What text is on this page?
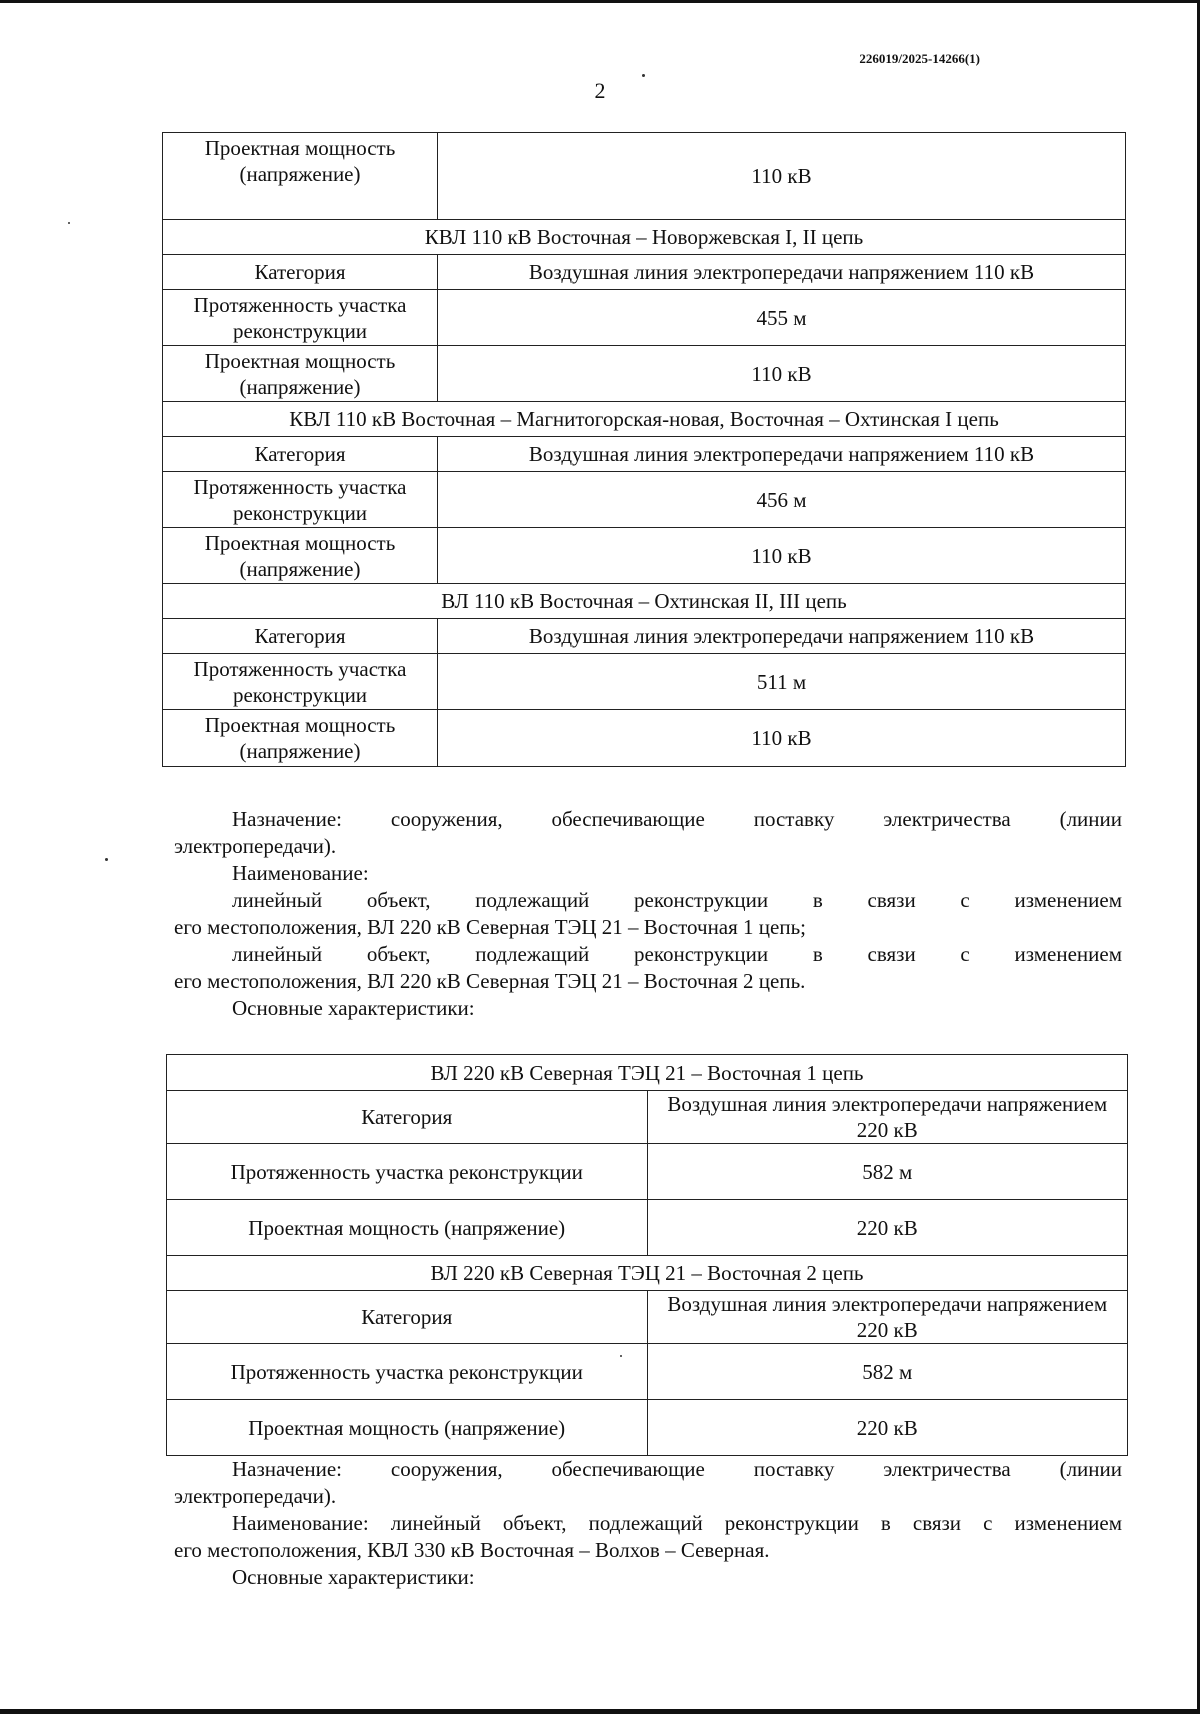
226019/2025-14266(1)
2
Проектная мощность (напряжение)	110 кВ
КВЛ 110 кВ Восточная – Новоржевская I, II цепь	
Категория	Воздушная линия электропередачи напряжением 110 кВ
Протяженность участка реконструкции	455 м
Проектная мощность (напряжение)	110 кВ
КВЛ 110 кВ Восточная – Магнитогорская-новая, Восточная – Охтинская I цепь	
Категория	Воздушная линия электропередачи напряжением 110 кВ
Протяженность участка реконструкции	456 м
Проектная мощность (напряжение)	110 кВ
ВЛ 110 кВ Восточная – Охтинская II, III цепь	
Категория	Воздушная линия электропередачи напряжением 110 кВ
Протяженность участка реконструкции	511 м
Проектная мощность (напряжение)	110 кВ

Назначение: сооружения, обеспечивающие поставку электричества (линии

электропередачи).

Наименование:

линейный объект, подлежащий реконструкции в связи с изменением

его местоположения, ВЛ 220 кВ Северная ТЭЦ 21 – Восточная 1 цепь;

линейный объект, подлежащий реконструкции в связи с изменением

его местоположения, ВЛ 220 кВ Северная ТЭЦ 21 – Восточная 2 цепь.

Основные характеристики:

ВЛ 220 кВ Северная ТЭЦ 21 – Восточная 1 цепь	
Категория	Воздушная линия электропередачи напряжением 220 кВ
Протяженность участка реконструкции	582 м
Проектная мощность (напряжение)	220 кВ
ВЛ 220 кВ Северная ТЭЦ 21 – Восточная 2 цепь	
Категория	Воздушная линия электропередачи напряжением 220 кВ
Протяженность участка реконструкции	582 м
Проектная мощность (напряжение)	220 кВ

Назначение: сооружения, обеспечивающие поставку электричества (линии

электропередачи).

Наименование: линейный объект, подлежащий реконструкции в связи с изменением

его местоположения, КВЛ 330 кВ Восточная – Волхов – Северная.

Основные характеристики:
